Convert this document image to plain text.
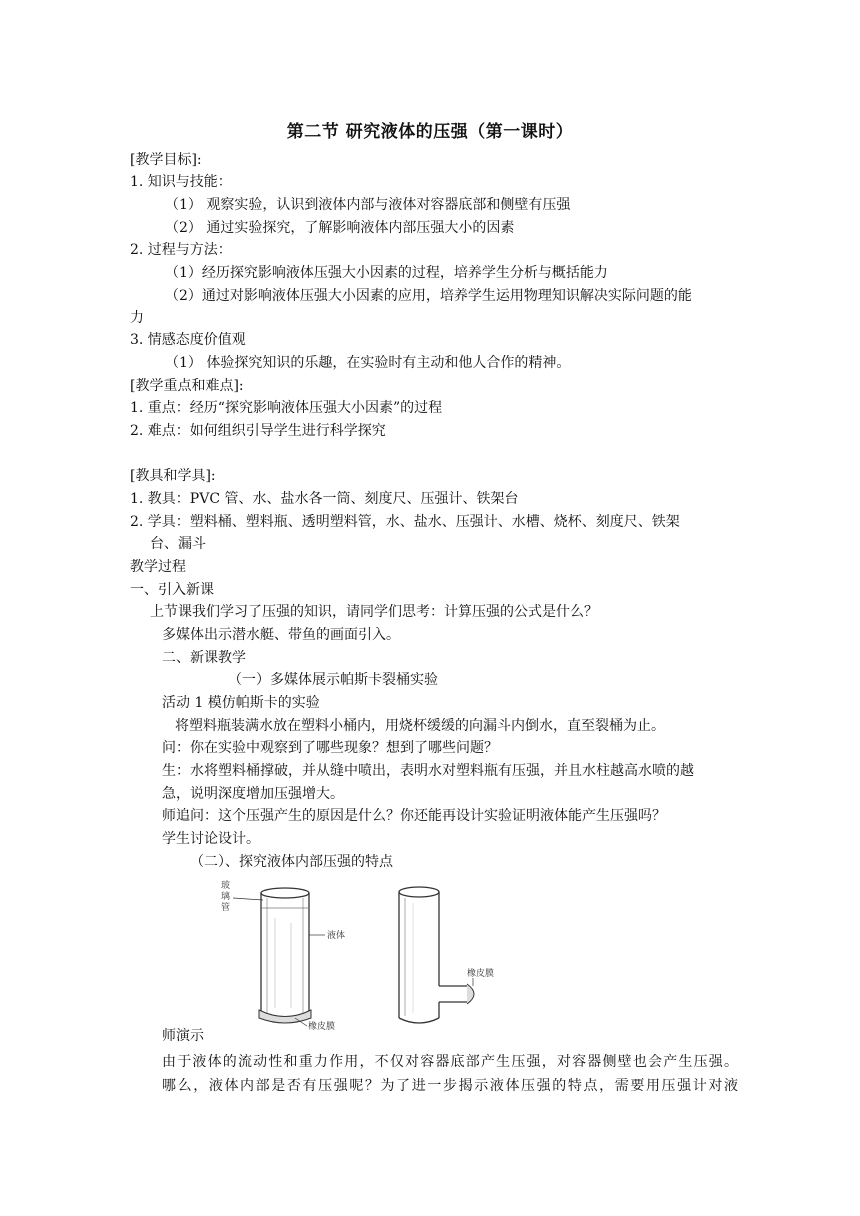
第二节 研究液体的压强（第一课时）
[教学目标]:
1. 知识与技能：
（1） 观察实验，认识到液体内部与液体对容器底部和侧壁有压强
（2） 通过实验探究，了解影响液体内部压强大小的因素
2. 过程与方法：
（1）经历探究影响液体压强大小因素的过程，培养学生分析与概括能力
（2）通过对影响液体压强大小因素的应用，培养学生运用物理知识解决实际问题的能
力
3. 情感态度价值观
（1） 体验探究知识的乐趣，在实验时有主动和他人合作的精神。
[教学重点和难点]:
1. 重点：经历“探究影响液体压强大小因素”的过程
2. 难点：如何组织引导学生进行科学探究
[教具和学具]:
1. 教具：PVC 管、水、盐水各一筒、刻度尺、压强计、铁架台
2. 学具：塑料桶、塑料瓶、透明塑料管，水、盐水、压强计、水槽、烧杯、刻度尺、铁架
台、漏斗
教学过程
一、引入新课
上节课我们学习了压强的知识，请同学们思考：计算压强的公式是什么？
多媒体出示潜水艇、带鱼的画面引入。
二、新课教学
（一）多媒体展示帕斯卡裂桶实验
活动 1 模仿帕斯卡的实验
将塑料瓶装满水放在塑料小桶内，用烧杯缓缓的向漏斗内倒水，直至裂桶为止。
问：你在实验中观察到了哪些现象？想到了哪些问题？
生：水将塑料桶撑破，并从缝中喷出，表明水对塑料瓶有压强，并且水柱越高水喷的越
急，说明深度增加压强增大。
师追问：这个压强产生的原因是什么？你还能再设计实验证明液体能产生压强吗？
学生讨论设计。
（二）、探究液体内部压强的特点
玻
璃
管
液体
橡皮膜
橡皮膜
师演示
由于液体的流动性和重力作用，不仅对容器底部产生压强，对容器侧壁也会产生压强。
哪么，液体内部是否有压强呢？为了进一步揭示液体压强的特点，需要用压强计对液
